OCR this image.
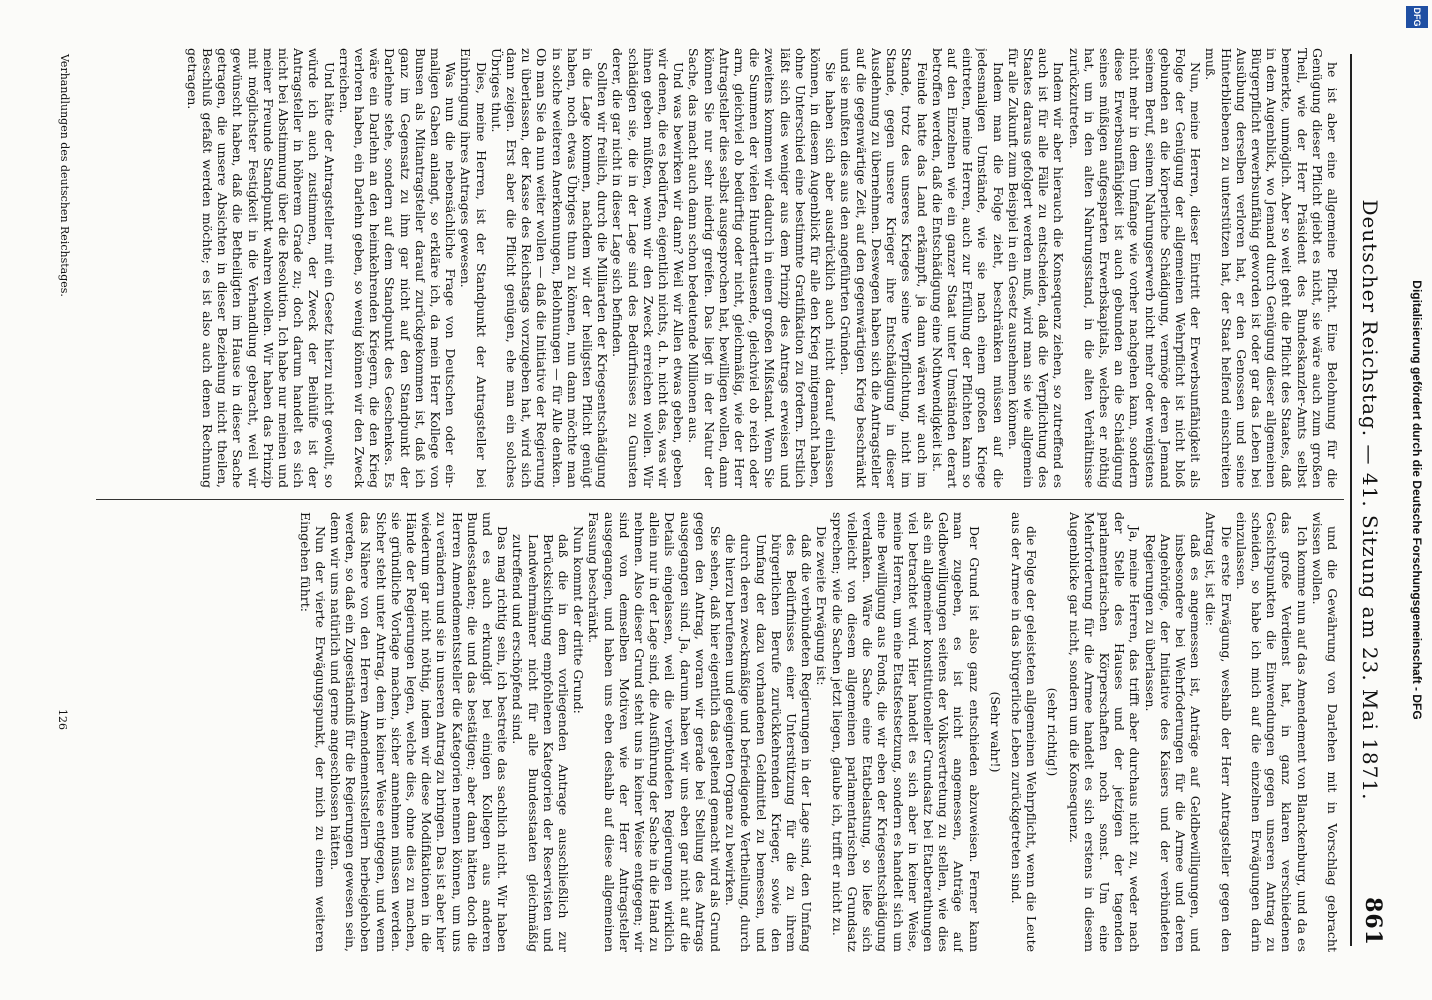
Deutscher Reichstag. — 41. Sitzung am 23. Mai 1871.
861

he ist aber eine allgemeine Pflicht. Eine Belohnung für die Genügung dieser Pflicht giebt es nicht, sie wäre auch zum großen Theil, wie der Herr Präsident des Bundeskanzler-Amts selbst bemerkte, unmöglich. Aber so weit geht die Pflicht des Staates, daß in dem Augenblick, wo Jemand durch Genügung dieser allgemeinen Bürgerpflicht erwerbsunfähig geworden ist oder gar das Leben bei Ausübung derselben verloren hat, er den Genossen und seine Hinterbliebenen zu unterstützen hat, der Staat helfend einschreiten muß.

Nun, meine Herren, dieser Eintritt der Erwerbsunfähigkeit als Folge der Genügung der allgemeinen Wehrpflicht ist nicht bloß gebunden an die körperliche Schädigung, vermöge deren Jemand seinem Beruf, seinem Nahrungserwerb nicht mehr oder wenigstens nicht mehr in dem Umfange wie vorher nachgehen kann, sondern diese Erwerbsunfähigkeit ist auch gebunden an die Schädigung seines müßigen aufgesparten Erwerbskapitals, welches er nöthig hat, um in den alten Nahrungsstand, in die alten Verhältnisse zurückzutreten.

Indem wir aber hierauch die Konsequenz ziehen, so zutreffend es auch ist für alle Fälle zu entscheiden, daß die Verpflichtung des Staates daraus gefolgert werden muß, wird man sie wie allgemein für alle Zukunft zum Beispiel in ein Gesetz ausnehmen können.

Indem man die Folge zieht, beschränken müssen auf die jedesmaligen Umstände, wie sie nach einem großen Kriege eintreten, meine Herren, auch zur Erfüllung der Pflichten kann so auf den Einzelnen wie ein ganzer Staat unter Umständen derart betroffen werden, daß die Entschädigung eine Nothwendigkeit ist.

Feinde hatte das Land erkämpft, ja dann wären wir auch im Stande, trotz des unseres Krieges seine Verpflichtung, nicht im Stande, gegen unsere Krieger ihre Entschädigung in dieser Ausdehnung zu übernehmen. Deswegen haben sich die Antragsteller auf die gegenwärtige Zeit, auf den gegenwärtigen Krieg beschränkt und sie mußten dies aus den angeführten Gründen.

Sie haben sich aber ausdrücklich auch nicht darauf einlassen können, in diesem Augenblick für alle den Krieg mitgemacht haben, ohne Unterschied eine bestimmte Gratifikation zu fordern. Erstlich läßt sich dies weniger aus dem Prinzip des Antrags erweisen und zweitens kommen wir dadurch in einen großen Mißstand. Wenn Sie die Summen der vielen Hunderttausende, gleichviel ob reich oder arm, gleichviel ob bedürftig oder nicht, gleichmäßig, wie der Herr Antragsteller dies selbst ausgesprochen hat, bewilligen wollen, dann können Sie nur sehr niedrig greifen. Das liegt in der Natur der Sache, das macht auch dann schon bedeutende Millionen aus.

Und was bewirken wir dann? Weil wir Allen etwas geben, geben wir denen, die es bedürfen, eigentlich nichts, d. h. nicht das, was wir ihnen geben müßten, wenn wir den Zweck erreichen wollen. Wir schädigen sie, die in der Lage sind des Bedürfnisses zu Gunsten derer, die gar nicht in dieser Lage sich befinden.

Sollten wir freilich, durch die Milliarden der Kriegsentschädigung in die Lage kommen, nachdem wir der heiligsten Pflicht genügt haben, noch etwas Übriges thun zu können, nun dann möchte man in solche weiteren Anerkennungen, Belohnungen — für Alle denken. Ob man Sie da nun weiter wollen — daß die Initiative der Regierung zu überlassen, der Kasse des Reichstags vorzugeben hat, wird sich dann zeigen. Erst aber die Pflicht genügen, ehe man ein solches Übriges thut.

Dies, meine Herren, ist der Standpunkt der Antragsteller bei Einbringung ihres Antrages gewesen.

Was nun die nebensächliche Frage von Deutschen oder ein-maligen Gaben anlangt, so erkläre ich, da mein Herr Kollege von Bunsen als Mitantragsteller darauf zurückgekommen ist, daß ich ganz im Gegensatz zu ihm gar nicht auf den Standpunkt der Darlehne stehe, sondern auf dem Standpunkt des Geschenkes. Es wäre ein Darlehn an den heimkehrenden Kriegern, die den Krieg verloren haben, ein Darlehn geben, so wenig können wir den Zweck erreichen.

Und hätte der Antragsteller mit ein Gesetz hierzu nicht gewollt, so würde ich auch zustimmen, der Zweck der Beihülfe ist der Antragsteller in höherem Grade zu; doch darum handelt es sich nicht bei Abstimmung über die Resolution. Ich habe nur meinen und meiner Freunde Standpunkt wahren wollen. Wir haben das Prinzip mit möglichster Festigkeit in die Verhandlung gebracht, weil wir gewünscht haben, daß die Betheiligten im Hause in dieser Sache getragen, die unsere Absichten in dieser Beziehung nicht theilen, Beschluß gefaßt werden möchte; es ist also auch denen Rechnung getragen.

und die Gewährung von Darlehen mit in Vorschlag gebracht wissen wollen.

Ich komme nun auf das Amendement von Blanckenburg, und da es das große Verdienst hat, in ganz klaren verschiedenen Gesichtspunkten die Einwendungen gegen unseren Antrag zu scheiden, so habe ich mich auf die einzelnen Erwägungen darin einzulassen.

Die erste Erwägung, weshalb der Herr Antragsteller gegen den Antrag ist, ist die:

daß es angemessen ist, Anträge auf Geldbewilligungen, und insbesondere bei Wehrfoderungen für die Armee und deren Angehörige, der Initiative des Kaisers und der verbündeten Regierungen zu überlassen.

Ja, meine Herren, das trifft aber durchaus nicht zu, weder nach der Stelle des Hauses und der jetzigen der tagenden parlamentarischen Körperschaften noch sonst. Um eine Mehrforderung für die Armee handelt es sich erstens in diesem Augenblicke gar nicht, sondern um die Konsequenz.

(sehr richtig!)

die Folge der geleisteten allgemeinen Wehrpflicht, wenn die Leute aus der Armee in das bürgerliche Leben zurückgetreten sind.

(Sehr wahr!)

Der Grund ist also ganz entschieden abzuweisen. Ferner kann man zugeben, es ist nicht angemessen, Anträge auf Geldbewilligungen seitens der Volksvertretung zu stellen, wie dies als ein allgemeiner konstitutioneller Grundsatz bei Etatberathungen viel betrachtet wird. Hier handelt es sich aber in keiner Weise, meine Herren, um eine Etatsfestsetzung, sondern es handelt sich um eine Bewilligung aus Fonds, die wir eben der Kriegsentschädigung verdanken. Wäre die Sache eine Etatbelastung, so ließe sich vielleicht von diesem allgemeinen parlamentarischen Grundsatz sprechen; wie die Sachen jetzt liegen, glaube ich, trifft er nicht zu.

Die zweite Erwägung ist:

daß die verbündeten Regierungen in der Lage sind, den Umfang des Bedürfnisses einer Unterstützung für die zu ihrem bürgerlichen Berufe zurückkehrenden Krieger, sowie den Umfang der dazu vorhandenen Geldmittel zu bemessen, und durch deren zweckmäßige und befriedigende Vertheilung, durch die hierzu berufenen und geeigneten Organe zu bewirken.

Sie sehen, daß hier eigentlich das geltend gemacht wird als Grund gegen den Antrag, woran wir gerade bei Stellung des Antrags ausgegangen sind. Ja, darum haben wir uns eben gar nicht auf die Details eingelassen, weil die verbündeten Regierungen wirklich allein nur in der Lage sind, die Ausführung der Sache in die Hand zu nehmen. Also dieser Grund steht uns in keiner Weise entgegen; wir sind von demselben Motiven wie der Herr Antragsteller ausgegangen, und haben uns eben deshalb auf diese allgemeinen Fassung beschränkt.

Nun kommt der dritte Grund:

daß die in dem vorliegenden Antrage ausschließlich zur Berücksichtigung empfohlenen Kategorien der Reservisten und Landwehrmänner nicht für alle Bundesstaaten gleichmäßig zutreffend und erschöpfend sind.

Das mag richtig sein, ich bestreite das sachlich nicht. Wir haben und es auch erkundigt bei einigen Kollegen aus anderen Bundesstaaten; die und das bestätigen; aber dann hätten doch die Herren Amendementssteller die Kategorien nennen können, um uns zu verändern und sie in unseren Antrag zu bringen. Das ist aber hier wiederum gar nicht nöthig, indem wir diese Modifikationen in die Hände der Regierungen legen, welche dies, ohne dies zu machen, sie gründliche Vorlage machen, sicher annehmen müssen werden. Sicher steht unter Antrag, dem in keiner Weise entgegen, und wenn das Nähere von den Herren Amendementsstellern herbeigehoben werden, so daß ein Zugeständniß für die Regierungen gewesen sein, denn wir uns natürlich und gerne angeschlossen hätten.

Nun der vierte Erwägungspunkt, der mich zu einem weiteren Eingehen führt:

Verhandlungen des deutschen Reichstages.
126
DFG
Digitalisierung gefördert durch die Deutsche Forschungsgemeinschaft - DFG
